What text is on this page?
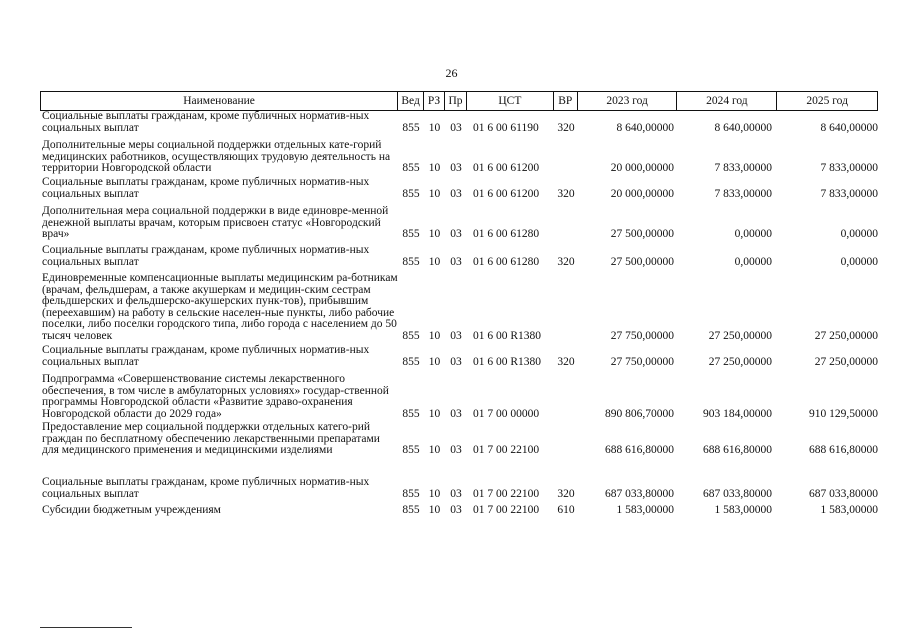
26
Наименование	Вед РЗ Пр	ЦСТ	ВР	2023 год	2024 год	2025 год
Социальные выплаты гражданам, кроме публичных норматив-ных социальных выплат	855 10 03 01 6 00 61190	320	8 640,00000	8 640,00000	8 640,00000
Дополнительные меры социальной поддержки отдельных кате-горий медицинских работников, осуществляющих трудовую деятельность на территории Новгородской области	855 10 03 01 6 00 61200	20 000,00000	7 833,00000	7 833,00000
Социальные выплаты гражданам, кроме публичных норматив-ных социальных выплат	855 10 03 01 6 00 61200	320	20 000,00000	7 833,00000	7 833,00000
Дополнительная мера социальной поддержки в виде единовре-менной денежной выплаты врачам, которым присвоен статус «Новгородский врач»	855 10 03 01 6 00 61280	27 500,00000	0,00000	0,00000
Социальные выплаты гражданам, кроме публичных норматив-ных социальных выплат	855 10 03 01 6 00 61280	320	27 500,00000	0,00000	0,00000
Единовременные компенсационные выплаты медицинским ра-ботникам (врачам, фельдшерам, а также акушеркам и медицин-ским сестрам фельдшерских и фельдшерско-акушерских пунк-тов), прибывшим (переехавшим) на работу в сельские населен-ные пункты, либо рабочие поселки, либо поселки городского типа, либо города с населением до 50 тысяч человек	855 10 03 01 6 00 R1380	27 750,00000	27 250,00000	27 250,00000
Социальные выплаты гражданам, кроме публичных норматив-ных социальных выплат	855 10 03 01 6 00 R1380	320	27 750,00000	27 250,00000	27 250,00000
Подпрограмма «Совершенствование системы лекарственного обеспечения, в том числе в амбулаторных условиях» государ-ственной программы Новгородской области «Развитие здраво-охранения Новгородской области до 2029 года»	855 10 03 01 7 00 00000	890 806,70000	903 184,00000	910 129,50000
Предоставление мер социальной поддержки отдельных катего-рий граждан по бесплатному обеспечению лекарственными препаратами для медицинского применения и медицинскими изделиями	855 10 03 01 7 00 22100	688 616,80000	688 616,80000	688 616,80000
Социальные выплаты гражданам, кроме публичных норматив-ных социальных выплат	855 10 03 01 7 00 22100	320	687 033,80000	687 033,80000	687 033,80000
Субсидии бюджетным учреждениям	855 10 03 01 7 00 22100	610	1 583,00000	1 583,00000	1 583,00000
